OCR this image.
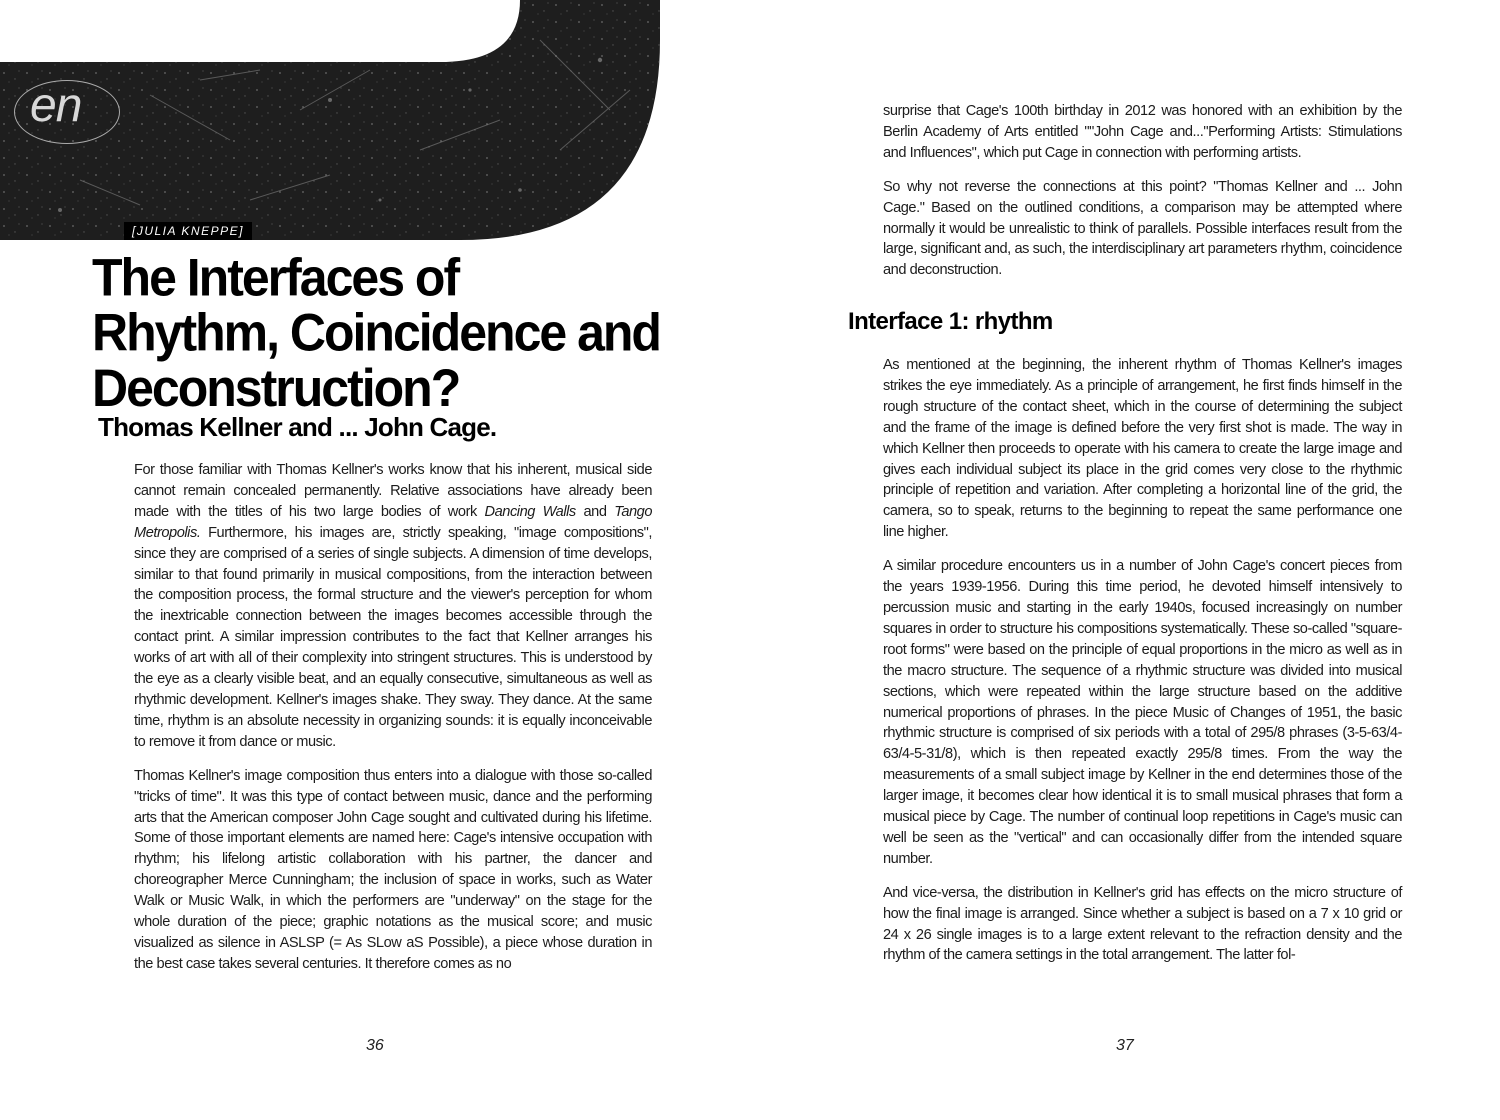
en
[JULIA KNEPPE]
The Interfaces of
Rhythm, Coincidence and
Deconstruction?
Thomas Kellner and ... John Cage.

For those familiar with Thomas Kellner's works know that his inherent, musical side cannot remain concealed permanently. Relative associations have already been made with the titles of his two large bodies of work Dancing Walls and Tango Metropolis. Furthermore, his images are, strictly speaking, "image compositions", since they are comprised of a series of single subjects. A dimension of time develops, similar to that found primarily in musical compositions, from the interaction between the composition process, the formal structure and the viewer's perception for whom the inextricable connection between the images becomes accessible through the contact print. A similar impression contributes to the fact that Kellner arranges his works of art with all of their complexity into stringent structures. This is understood by the eye as a clearly visible beat, and an equally consecutive, simultaneous as well as rhythmic development. Kellner's images shake. They sway. They dance. At the same time, rhythm is an absolute necessity in organizing sounds: it is equally inconceivable to remove it from dance or music.

Thomas Kellner's image composition thus enters into a dialogue with those so-called "tricks of time". It was this type of contact between music, dance and the performing arts that the American composer John Cage sought and cultivated during his lifetime. Some of those important elements are named here: Cage's intensive occupation with rhythm; his lifelong artistic collaboration with his partner, the dancer and choreographer Merce Cunningham; the inclusion of space in works, such as Water Walk or Music Walk, in which the performers are "underway" on the stage for the whole duration of the piece; graphic notations as the musical score; and music visualized as silence in ASLSP (= As SLow aS Possible), a piece whose duration in the best case takes several centuries. It therefore comes as no

36

surprise that Cage's 100th birthday in 2012 was honored with an exhibition by the Berlin Academy of Arts entitled ""John Cage and..."Performing Artists: Stimulations and Influences", which put Cage in connection with performing artists.

So why not reverse the connections at this point? "Thomas Kellner and ... John Cage." Based on the outlined conditions, a comparison may be attempted where normally it would be unrealistic to think of parallels. Possible interfaces result from the large, significant and, as such, the interdisciplinary art parameters rhythm, coincidence and deconstruction.

Interface 1: rhythm

As mentioned at the beginning, the inherent rhythm of Thomas Kellner's images strikes the eye immediately. As a principle of arrangement, he first finds himself in the rough structure of the contact sheet, which in the course of determining the subject and the frame of the image is defined before the very first shot is made. The way in which Kellner then proceeds to operate with his camera to create the large image and gives each individual subject its place in the grid comes very close to the rhythmic principle of repetition and variation. After completing a horizontal line of the grid, the camera, so to speak, returns to the beginning to repeat the same performance one line higher.

A similar procedure encounters us in a number of John Cage's concert pieces from the years 1939-1956. During this time period, he devoted himself intensively to percussion music and starting in the early 1940s, focused increasingly on number squares in order to structure his compositions systematically. These so-called "square-root forms" were based on the principle of equal proportions in the micro as well as in the macro structure. The sequence of a rhythmic structure was divided into musical sections, which were repeated within the large structure based on the additive numerical proportions of phrases. In the piece Music of Changes of 1951, the basic rhythmic structure is comprised of six periods with a total of 295/8 phrases (3-5-63/4-63/4-5-31/8), which is then repeated exactly 295/8 times. From the way the measurements of a small subject image by Kellner in the end determines those of the larger image, it becomes clear how identical it is to small musical phrases that form a musical piece by Cage. The number of continual loop repetitions in Cage's music can well be seen as the "vertical" and can occasionally differ from the intended square number.

And vice-versa, the distribution in Kellner's grid has effects on the micro structure of how the final image is arranged. Since whether a subject is based on a 7 x 10 grid or 24 x 26 single images is to a large extent relevant to the refraction density and the rhythm of the camera settings in the total arrangement. The latter fol-

37
